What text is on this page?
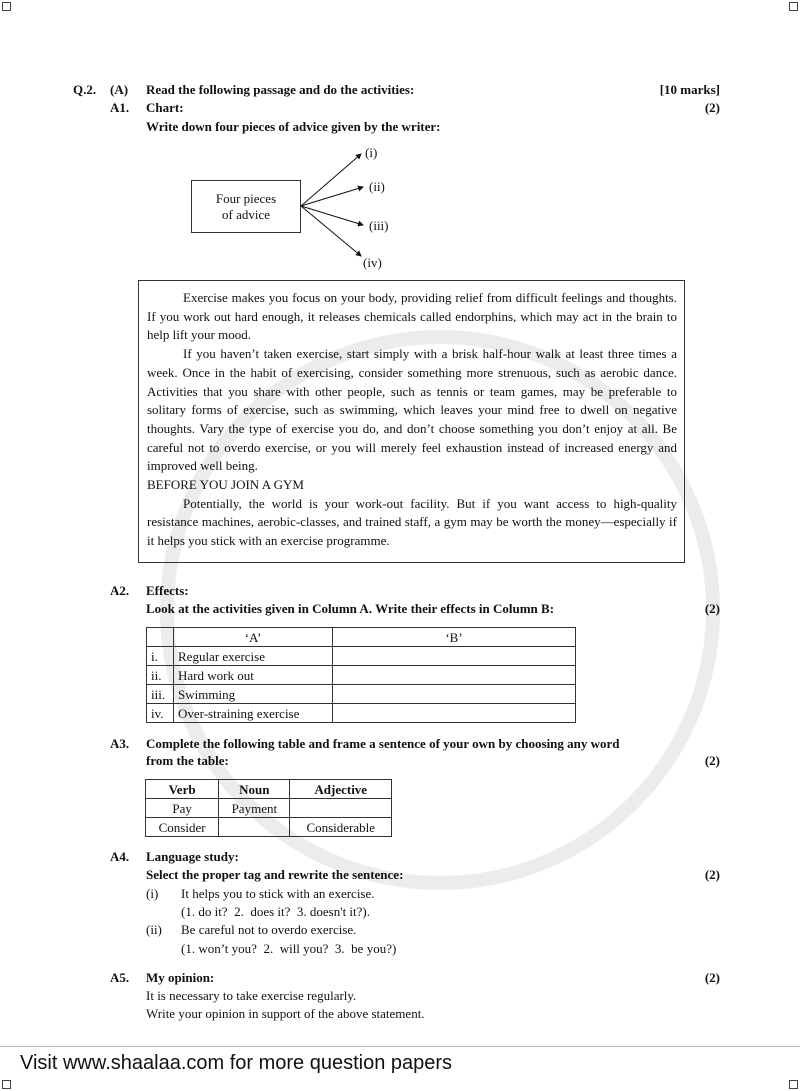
Q.2. (A) Read the following passage and do the activities:	[10 marks]
A1. Chart:	(2)
Write down four pieces of advice given by the writer:
Four pieces
of advice
(i)
(ii)
(iii)
(iv)

Exercise makes you focus on your body, providing relief from difficult feelings and thoughts. If you work out hard enough, it releases chemicals called endorphins, which may act in the brain to help lift your mood.

If you haven’t taken exercise, start simply with a brisk half-hour walk at least three times a week. Once in the habit of exercising, consider something more strenuous, such as aerobic dance. Activities that you share with other people, such as tennis or team games, may be preferable to solitary forms of exercise, such as swimming, which leaves your mind free to dwell on negative thoughts. Vary the type of exercise you do, and don’t choose something you don’t enjoy at all. Be careful not to overdo exercise, or you will merely feel exhaustion instead of increased energy and improved well being.

BEFORE YOU JOIN A GYM

Potentially, the world is your work-out facility. But if you want access to high-quality resistance machines, aerobic-classes, and trained staff, a gym may be worth the money—especially if it helps you stick with an exercise programme.

A2. Effects:
Look at the activities given in Column A. Write their effects in Column B:	(2)
	‘A’	‘B’
i.	Regular exercise	
ii.	Hard work out	
iii.	Swimming	
iv.	Over-straining exercise	
A3. Complete the following table and frame a sentence of your own by choosing any word
from the table:	(2)
Verb	Noun	Adjective
Pay	Payment	
Consider		Considerable
A4. Language study:
Select the proper tag and rewrite the sentence:	(2)
(i) It helps you to stick with an exercise.
(1. do it?  2.  does it?  3. doesn't it?).
(ii) Be careful not to overdo exercise.
(1. won’t you?  2.  will you?  3.  be you?)
A5. My opinion:	(2)
It is necessary to take exercise regularly.
Write your opinion in support of the above statement.
Visit www.shaalaa.com for more question papers
